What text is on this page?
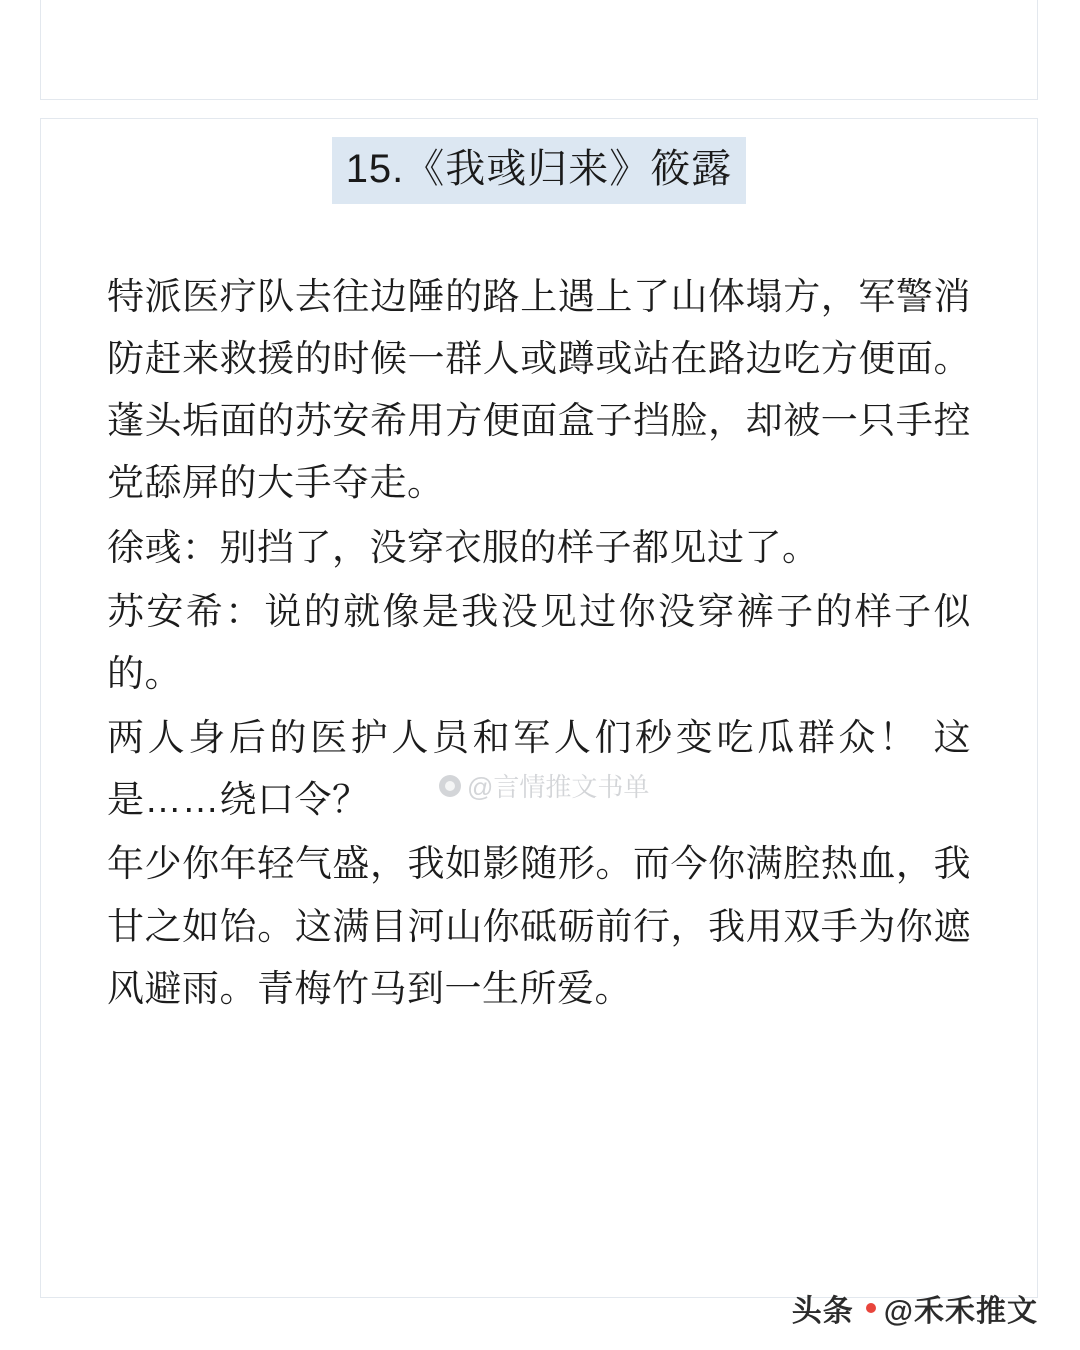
15.《我彧归来》筱露

特派医疗队去往边陲的路上遇上了山体塌方，军警消防赶来救援的时候一群人或蹲或站在路边吃方便面。 蓬头垢面的苏安希用方便面盒子挡脸，却被一只手控党舔屏的大手夺走。

徐彧：别挡了，没穿衣服的样子都见过了。

苏安希：说的就像是我没见过你没穿裤子的样子似的。

两人身后的医护人员和军人们秒变吃瓜群众！ 这是……绕口令？

年少你年轻气盛，我如影随形。而今你满腔热血，我甘之如饴。这满目河山你砥砺前行，我用双手为你遮风避雨。青梅竹马到一生所爱。

@言情推文书单
头条 @禾禾推文
